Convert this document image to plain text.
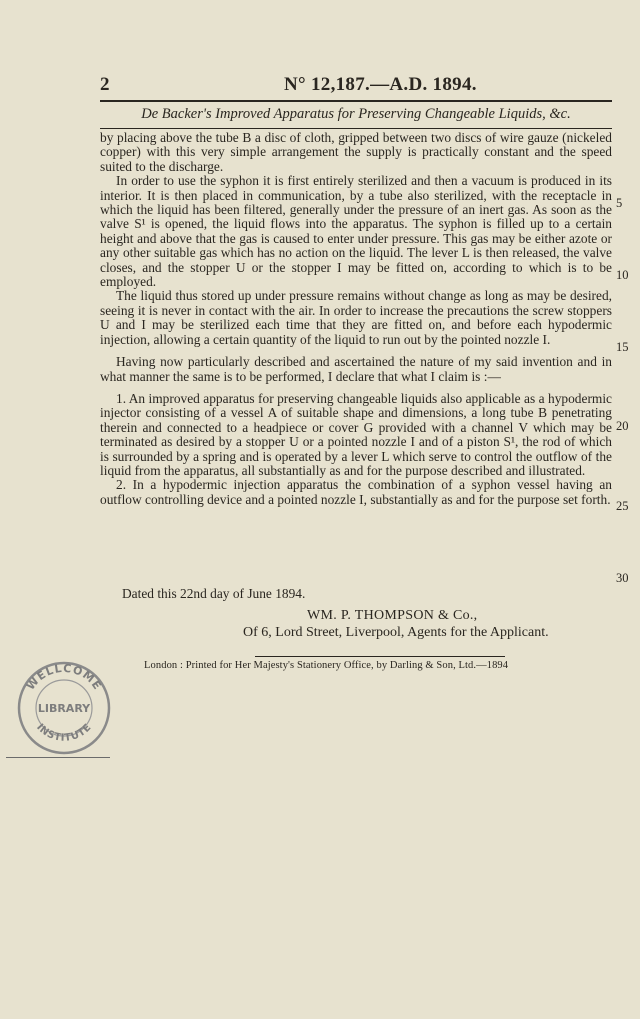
2	N° 12,187.—A.D. 1894.
De Backer's Improved Apparatus for Preserving Changeable Liquids, &c.

by placing above the tube B a disc of cloth, gripped between two discs of wire gauze (nickeled copper) with this very simple arrangement the supply is practically constant and the speed suited to the discharge.

In order to use the syphon it is first entirely sterilized and then a vacuum is produced in its interior. It is then placed in communication, by a tube also sterilized, with the receptacle in which the liquid has been filtered, generally under the pressure of an inert gas. As soon as the valve S¹ is opened, the liquid flows into the apparatus. The syphon is filled up to a certain height and above that the gas is caused to enter under pressure. This gas may be either azote or any other suitable gas which has no action on the liquid. The lever L is then released, the valve closes, and the stopper U or the stopper I may be fitted on, according to which is to be employed.

The liquid thus stored up under pressure remains without change as long as may be desired, seeing it is never in contact with the air. In order to increase the precautions the screw stoppers U and I may be sterilized each time that they are fitted on, and before each hypodermic injection, allowing a certain quantity of the liquid to run out by the pointed nozzle I.

Having now particularly described and ascertained the nature of my said invention and in what manner the same is to be performed, I declare that what I claim is :—

1. An improved apparatus for preserving changeable liquids also applicable as a hypodermic injector consisting of a vessel A of suitable shape and dimensions, a long tube B penetrating therein and connected to a headpiece or cover G provided with a channel V which may be terminated as desired by a stopper U or a pointed nozzle I and of a piston S¹, the rod of which is surrounded by a spring and is operated by a lever L which serve to control the outflow of the liquid from the apparatus, all substantially as and for the purpose described and illustrated.

2. In a hypodermic injection apparatus the combination of a syphon vessel having an outflow controlling device and a pointed nozzle I, substantially as and for the purpose set forth.

5
10
15
20
25
30
Dated this 22nd day of June 1894.
WM. P. THOMPSON & Co.,
Of 6, Lord Street, Liverpool, Agents for the Applicant.
London : Printed for Her Majesty's Stationery Office, by Darling & Son, Ltd.—1894
WELLCOME
LIBRARY
INSTITUTE
